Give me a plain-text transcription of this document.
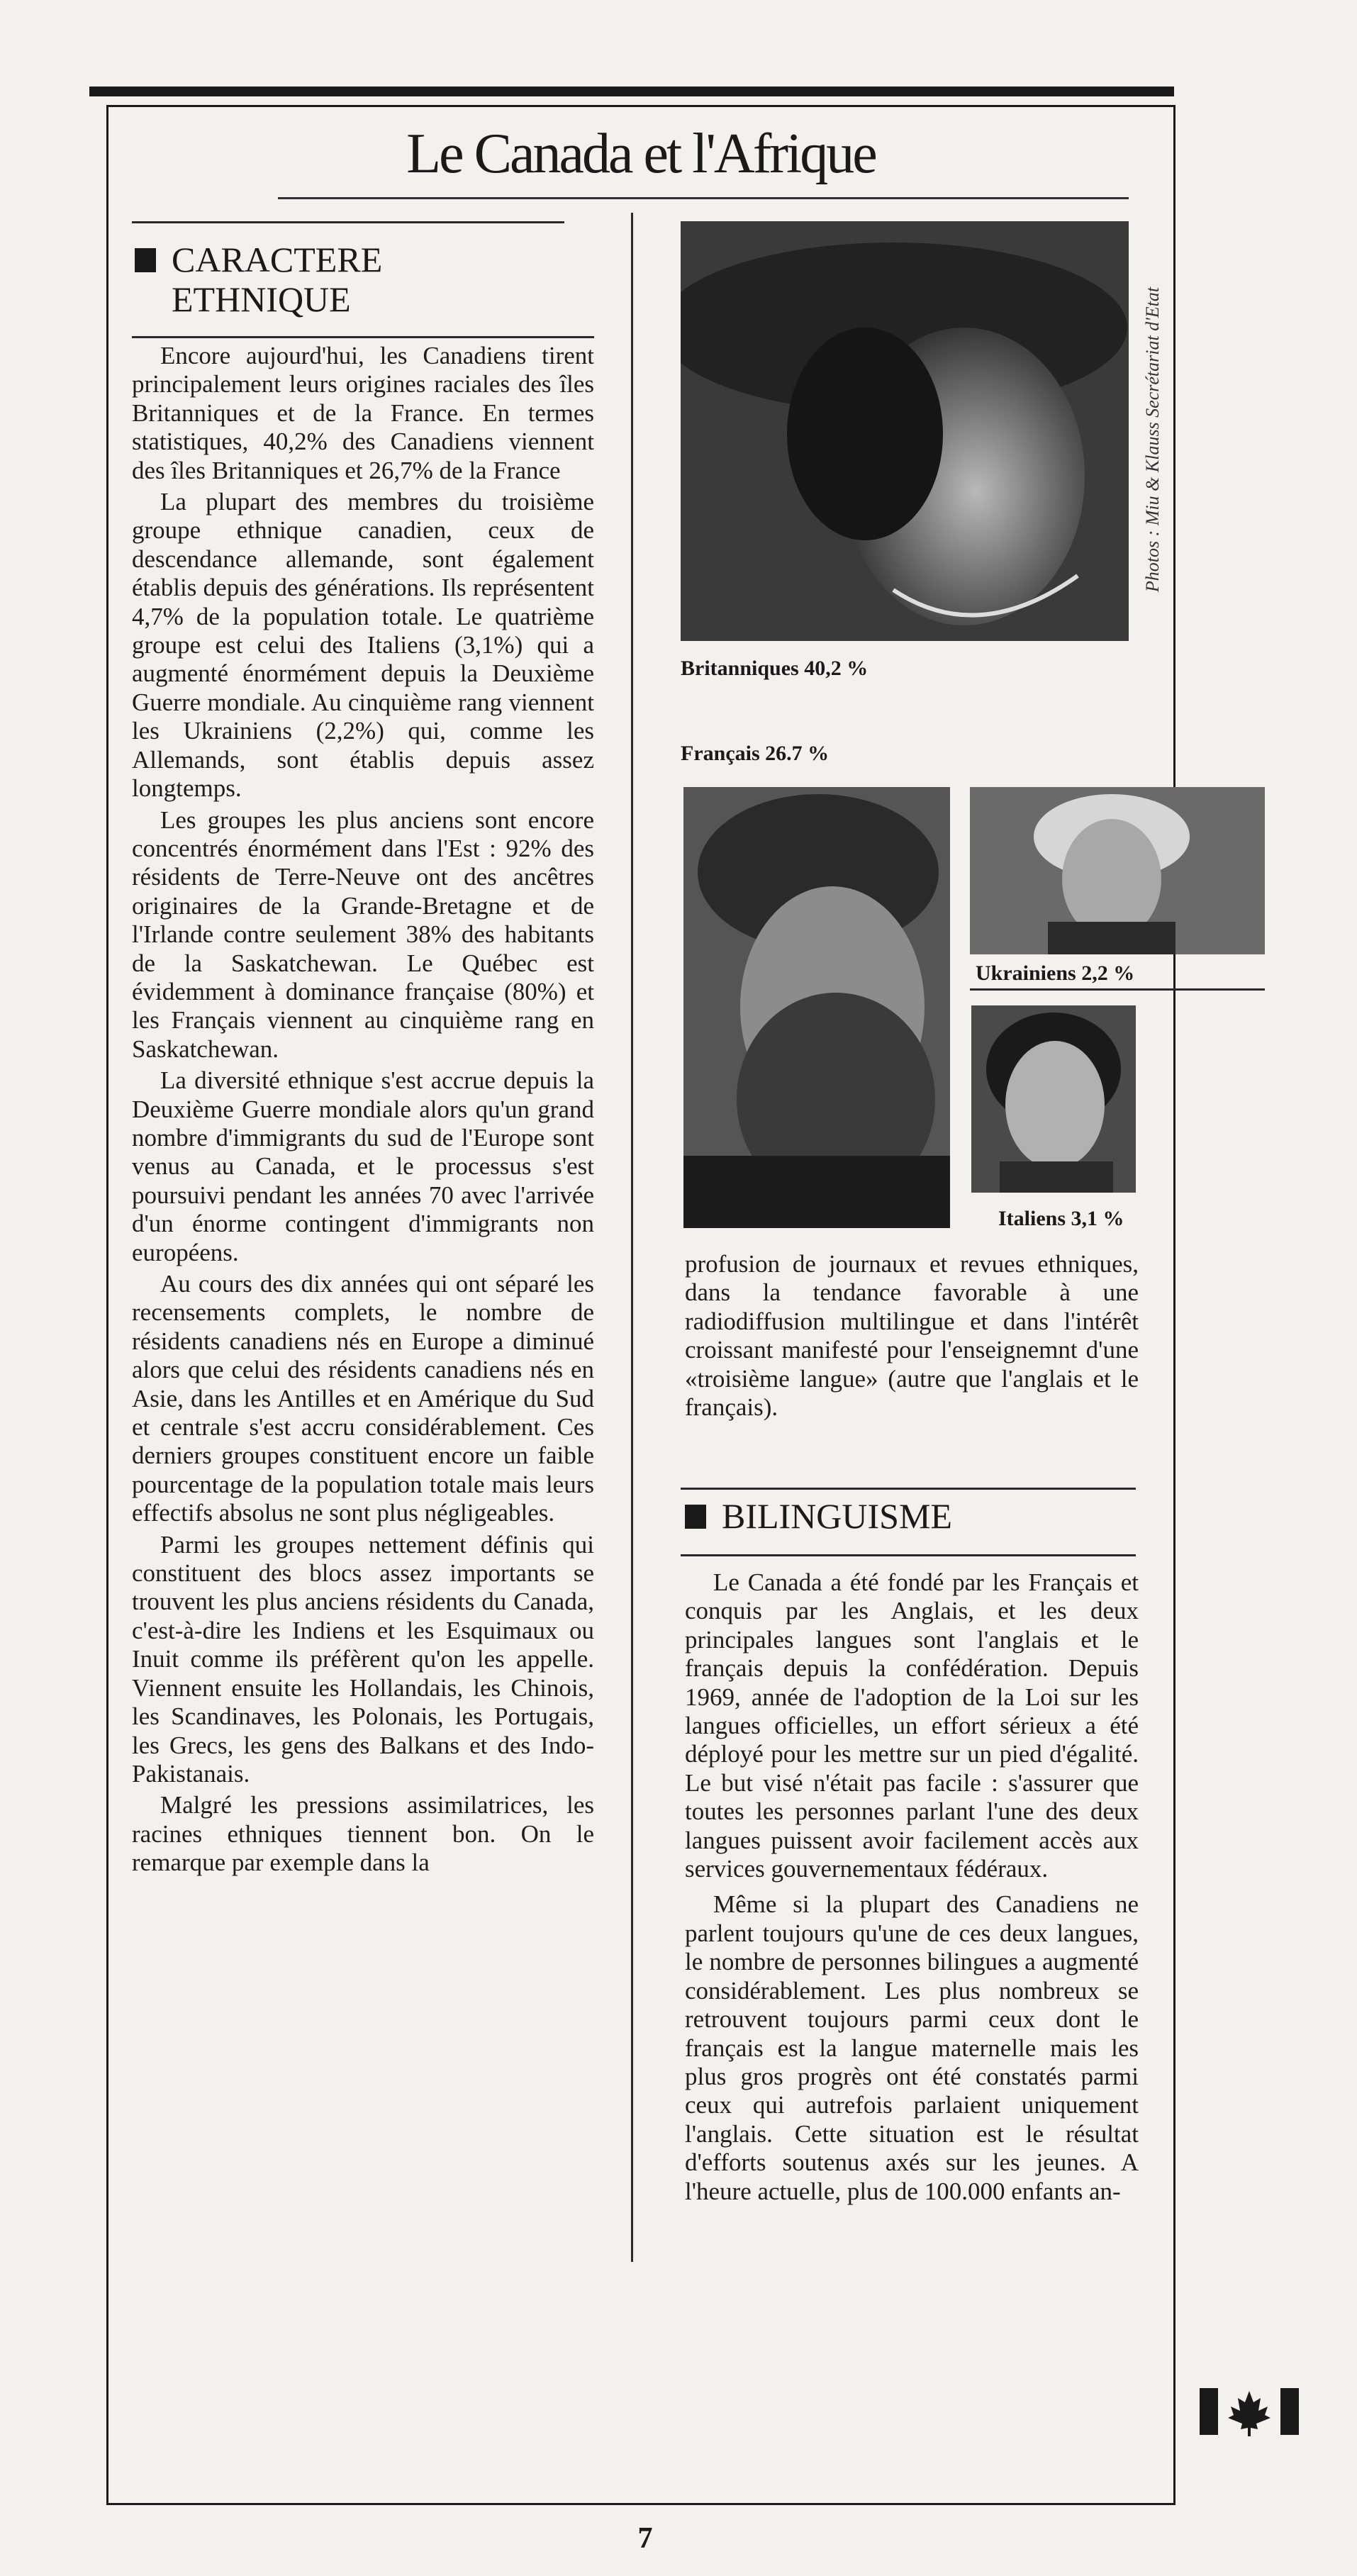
Le Canada et l'Afrique
CARACTERE
ETHNIQUE

Encore aujourd'hui, les Canadiens tirent principalement leurs origines raciales des îles Britanniques et de la France. En termes statistiques, 40,2% des Canadiens viennent des îles Britanniques et 26,7% de la France

La plupart des membres du troisième groupe ethnique canadien, ceux de descendance allemande, sont également établis depuis des générations. Ils représentent 4,7% de la population totale. Le quatrième groupe est celui des Italiens (3,1%) qui a augmenté énormément depuis la Deuxième Guerre mondiale. Au cinquième rang viennent les Ukrainiens (2,2%) qui, comme les Allemands, sont établis depuis assez longtemps.

Les groupes les plus anciens sont encore concentrés énormément dans l'Est : 92% des résidents de Terre-Neuve ont des ancêtres originaires de la Grande-Bretagne et de l'Irlande contre seulement 38% des habitants de la Saskatchewan. Le Québec est évidemment à dominance française (80%) et les Français viennent au cinquième rang en Saskatchewan.

La diversité ethnique s'est accrue depuis la Deuxième Guerre mondiale alors qu'un grand nombre d'immigrants du sud de l'Europe sont venus au Canada, et le processus s'est poursuivi pendant les années 70 avec l'arrivée d'un énorme contingent d'immigrants non européens.

Au cours des dix années qui ont séparé les recensements complets, le nombre de résidents canadiens nés en Europe a diminué alors que celui des résidents canadiens nés en Asie, dans les Antilles et en Amérique du Sud et centrale s'est accru considérablement. Ces derniers groupes constituent encore un faible pourcentage de la population totale mais leurs effectifs absolus ne sont plus négligeables.

Parmi les groupes nettement définis qui constituent des blocs assez importants se trouvent les plus anciens résidents du Canada, c'est-à-dire les Indiens et les Esquimaux ou Inuit comme ils préfèrent qu'on les appelle. Viennent ensuite les Hollandais, les Chinois, les Scandinaves, les Polonais, les Portugais, les Grecs, les gens des Balkans et des Indo-Pakistanais.

Malgré les pressions assimilatrices, les racines ethniques tiennent bon. On le remarque par exemple dans la

Photos : Miu & Klauss Secrétariat d'Etat
Britanniques 40,2 %
Français 26.7 %
Ukrainiens 2,2 %
Italiens 3,1 %

profusion de journaux et revues ethniques, dans la tendance favorable à une radiodiffusion multilingue et dans l'intérêt croissant manifesté pour l'enseignemnt d'une «troisième langue» (autre que l'anglais et le français).

BILINGUISME

Le Canada a été fondé par les Français et conquis par les Anglais, et les deux principales langues sont l'anglais et le français depuis la confédération. Depuis 1969, année de l'adoption de la Loi sur les langues officielles, un effort sérieux a été déployé pour les mettre sur un pied d'égalité. Le but visé n'était pas facile : s'assurer que toutes les personnes parlant l'une des deux langues puissent avoir facilement accès aux services gouvernementaux fédéraux.

Même si la plupart des Canadiens ne parlent toujours qu'une de ces deux langues, le nombre de personnes bilingues a augmenté considérablement. Les plus nombreux se retrouvent toujours parmi ceux dont le français est la langue maternelle mais les plus gros progrès ont été constatés parmi ceux qui autrefois parlaient uniquement l'anglais. Cette situation est le résultat d'efforts soutenus axés sur les jeunes. A l'heure actuelle, plus de 100.000 enfants an-

7
